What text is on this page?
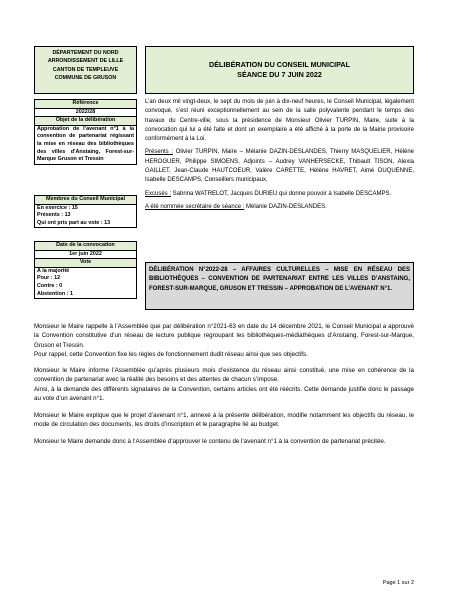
DÉPARTEMENT DU NORD
ARRONDISSEMENT DE LILLE
CANTON DE TEMPLEUVE
COMMUNE DE GRUSON
DÉLIBÉRATION DU CONSEIL MUNICIPAL
SÉANCE DU 7 JUIN 2022
Référence
2022/28
Objet de la délibération
Approbation de l’avenant n°1 à la convention de partenariat régissant la mise en réseau des bibliothèques des villes d’Anstaing, Forest-sur-Marque Gruson et Tressin
Membres du Conseil Municipal
En exercice : 15
Présents : 13
Qui ont pris part au vote : 13
Date de la convocation
1er juin 2022
Vote
A la majorité
Pour : 12
Contre : 0
Abstention : 1

L’an deux mil vingt-deux, le sept du mois de juin à dix-neuf heures, le Conseil Municipal, légalement convoqué, s’est réuni exceptionnellement au sein de la salle polyvalente pendant le temps des travaux du Centre-ville, sous la présidence de Monsieur Olivier TURPIN, Maire, suite à la convocation qui lui a été faite et dont un exemplaire a été affiché à la porte de la Mairie provisoire conformément à la Loi.

Présents : Olivier TURPIN, Maire – Mélanie DAZIN-DESLANDES, Thierry MASQUELIER, Hélène HEROGUER, Philippe SIMOENS, Adjoints – Audrey VANHERSECKE, Thibault TISON, Alexia GAILLET, Jean-Claude HAUTCOEUR, Valère CARETTE, Hélène HAVRET, Aimé DUQUENNE, Isabelle DESCAMPS, Conseillers municipaux.

Excusés : Sabrina WATRELOT, Jacques DURIEU qui donne pouvoir à Isabelle DESCAMPS.

A été nommée secrétaire de séance : Mélanie DAZIN-DESLANDES.

DÉLIBÉRATION N°2022-28 – AFFAIRES CULTURELLES – MISE EN RÉSEAU DES BIBLIOTHÈQUES – CONVENTION DE PARTENARIAT ENTRE LES VILLES D’ANSTAING, FOREST-SUR-MARQUE, GRUSON ET TRESSIN – APPROBATION DE L’AVENANT N°1.

Monsieur le Maire rappelle à l’Assemblée que par délibération n°2021-63 en date du 14 décembre 2021, le Conseil Municipal a approuvé la Convention constitutive d’un réseau de lecture publique regroupant les bibliothèques-médiathèques d’Anstaing, Forest-sur-Marque, Gruson et Tressin.

Pour rappel, cette Convention fixe les règles de fonctionnement dudit réseau ainsi que ses objectifs.

Monsieur le Maire informe l’Assemblée qu’après plusieurs mois d’existence du réseau ainsi constitué, une mise en cohérence de la convention de partenariat avec la réalité des besoins et des attentes de chacun s’impose.

Ainsi, à la demande des différents signataires de la Convention, certains articles ont été réécrits. Cette demande justifie donc le passage au vote d’un avenant n°1.

Monsieur le Maire explique que le projet d’avenant n°1, annexé à la présente délibération, modifie notamment les objectifs du réseau, le mode de circulation des documents, les droits d’inscription et le paragraphe lié au budget.

Monsieur le Maire demande donc à l’Assemblée d’approuver le contenu de l’avenant n°1 à la convention de partenariat précitée.

Page 1 sur 2
